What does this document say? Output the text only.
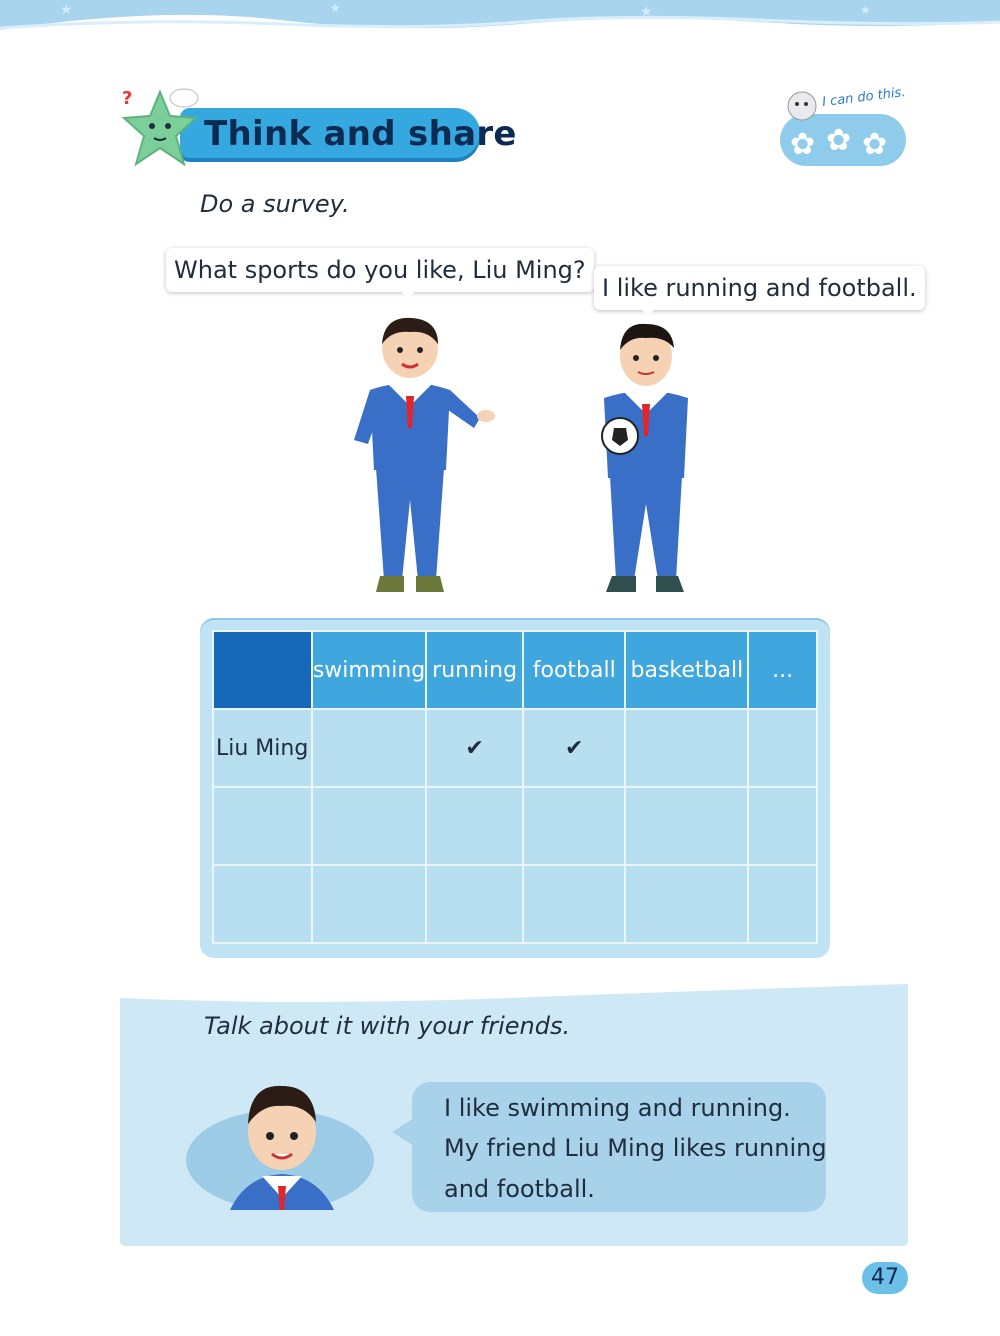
★	★	★	★
?
Think and share	✿ ✿ ✿
I can do this.
Do a survey.
What sports do you like, Liu Ming?
I like running and football.
	swimming	running	football	basketball	...
Liu Ming		✔	✔		

Talk about it with your friends.
I like swimming and running.
My friend Liu Ming likes running
and football.
47
